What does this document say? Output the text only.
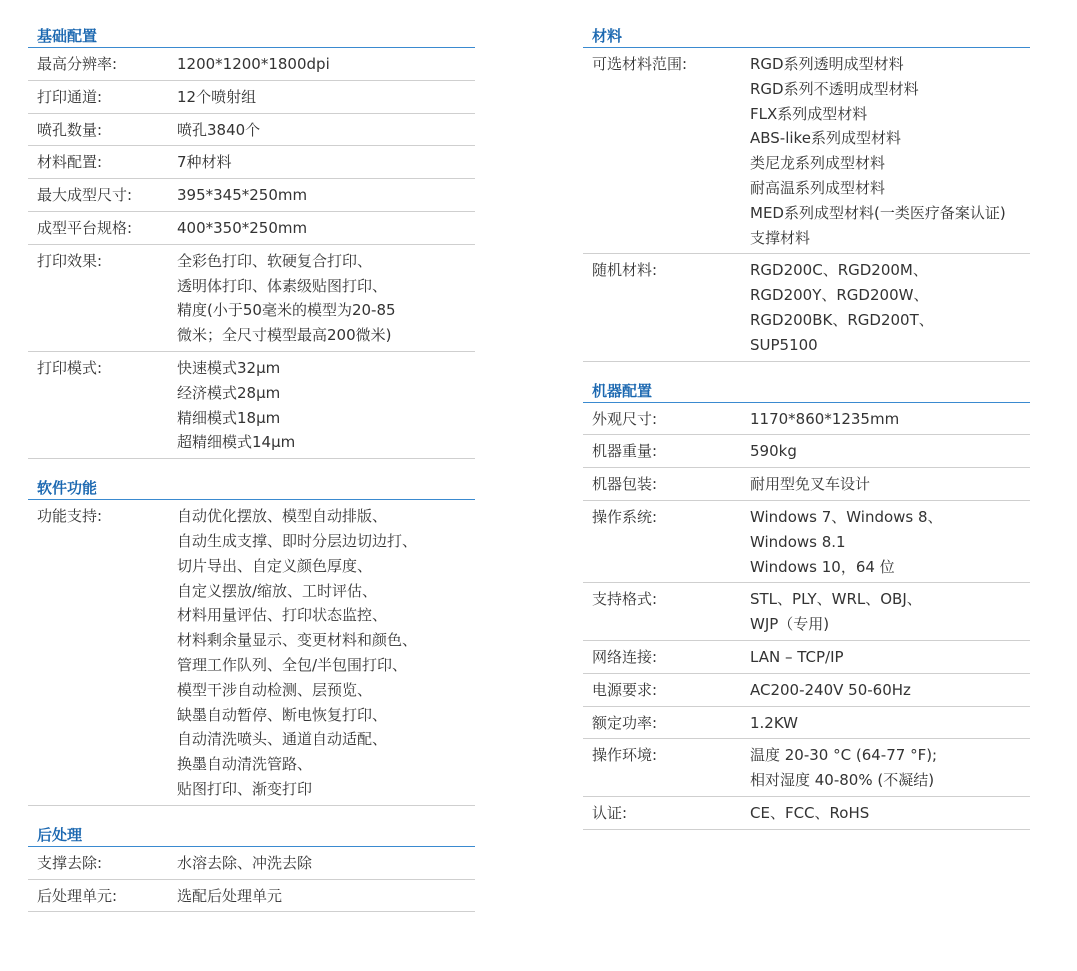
基础配置
最高分辨率:	1200*1200*1800dpi
打印通道:	12个喷射组
喷孔数量:	喷孔3840个
材料配置:	7种材料
最大成型尺寸:	395*345*250mm
成型平台规格:	400*350*250mm
打印效果:	全彩色打印、软硬复合打印、
透明体打印、体素级贴图打印、
精度(小于50毫米的模型为20-85
微米；全尺寸模型最高200微米)
打印模式:	快速模式32μm
经济模式28μm
精细模式18μm
超精细模式14μm
软件功能
功能支持:	自动优化摆放、模型自动排版、
自动生成支撑、即时分层边切边打、
切片导出、自定义颜色厚度、
自定义摆放/缩放、工时评估、
材料用量评估、打印状态监控、
材料剩余量显示、变更材料和颜色、
管理工作队列、全包/半包围打印、
模型干涉自动检测、层预览、
缺墨自动暂停、断电恢复打印、
自动清洗喷头、通道自动适配、
换墨自动清洗管路、
贴图打印、渐变打印
后处理
支撑去除:	水溶去除、冲洗去除
后处理单元:	选配后处理单元
材料
可选材料范围:	RGD系列透明成型材料
RGD系列不透明成型材料
FLX系列成型材料
ABS-like系列成型材料
类尼龙系列成型材料
耐高温系列成型材料
MED系列成型材料(一类医疗备案认证)
支撑材料
随机材料:	RGD200C、RGD200M、
RGD200Y、RGD200W、
RGD200BK、RGD200T、
SUP5100
机器配置
外观尺寸:	1170*860*1235mm
机器重量:	590kg
机器包装:	耐用型免叉车设计
操作系统:	Windows 7、Windows 8、
Windows 8.1
Windows 10，64 位
支持格式:	STL、PLY、WRL、OBJ、
WJP（专用)
网络连接:	LAN – TCP/IP
电源要求:	AC200-240V 50-60Hz
额定功率:	1.2KW
操作环境:	温度 20-30 °C (64-77 °F);
相对湿度 40-80% (不凝结)
认证:	CE、FCC、RoHS
